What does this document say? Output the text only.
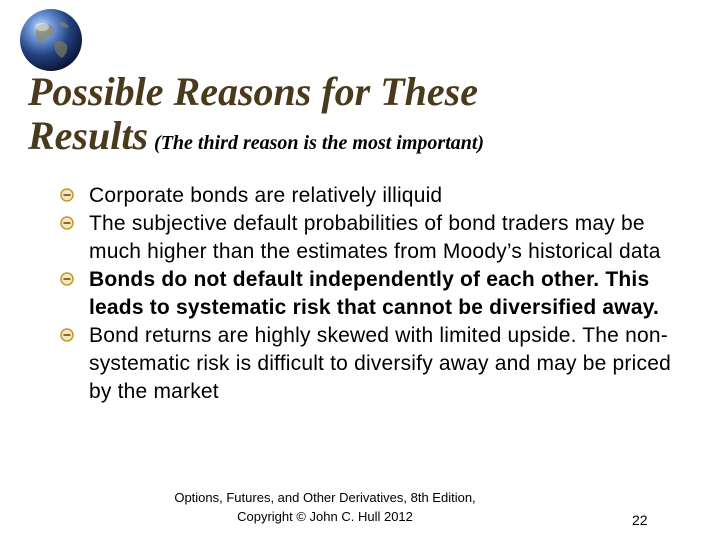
Possible Reasons for These
Results (The third reason is the most important)
Corporate bonds are relatively illiquid
The subjective default probabilities of bond traders may be much higher than the estimates from Moody’s historical data
Bonds do not default independently of each other. This leads to systematic risk that cannot be diversified away.
Bond returns are highly skewed with limited upside. The non-systematic risk is difficult to diversify away and may be priced by the market
Options, Futures, and Other Derivatives, 8th Edition,
Copyright © John C. Hull 2012	22
